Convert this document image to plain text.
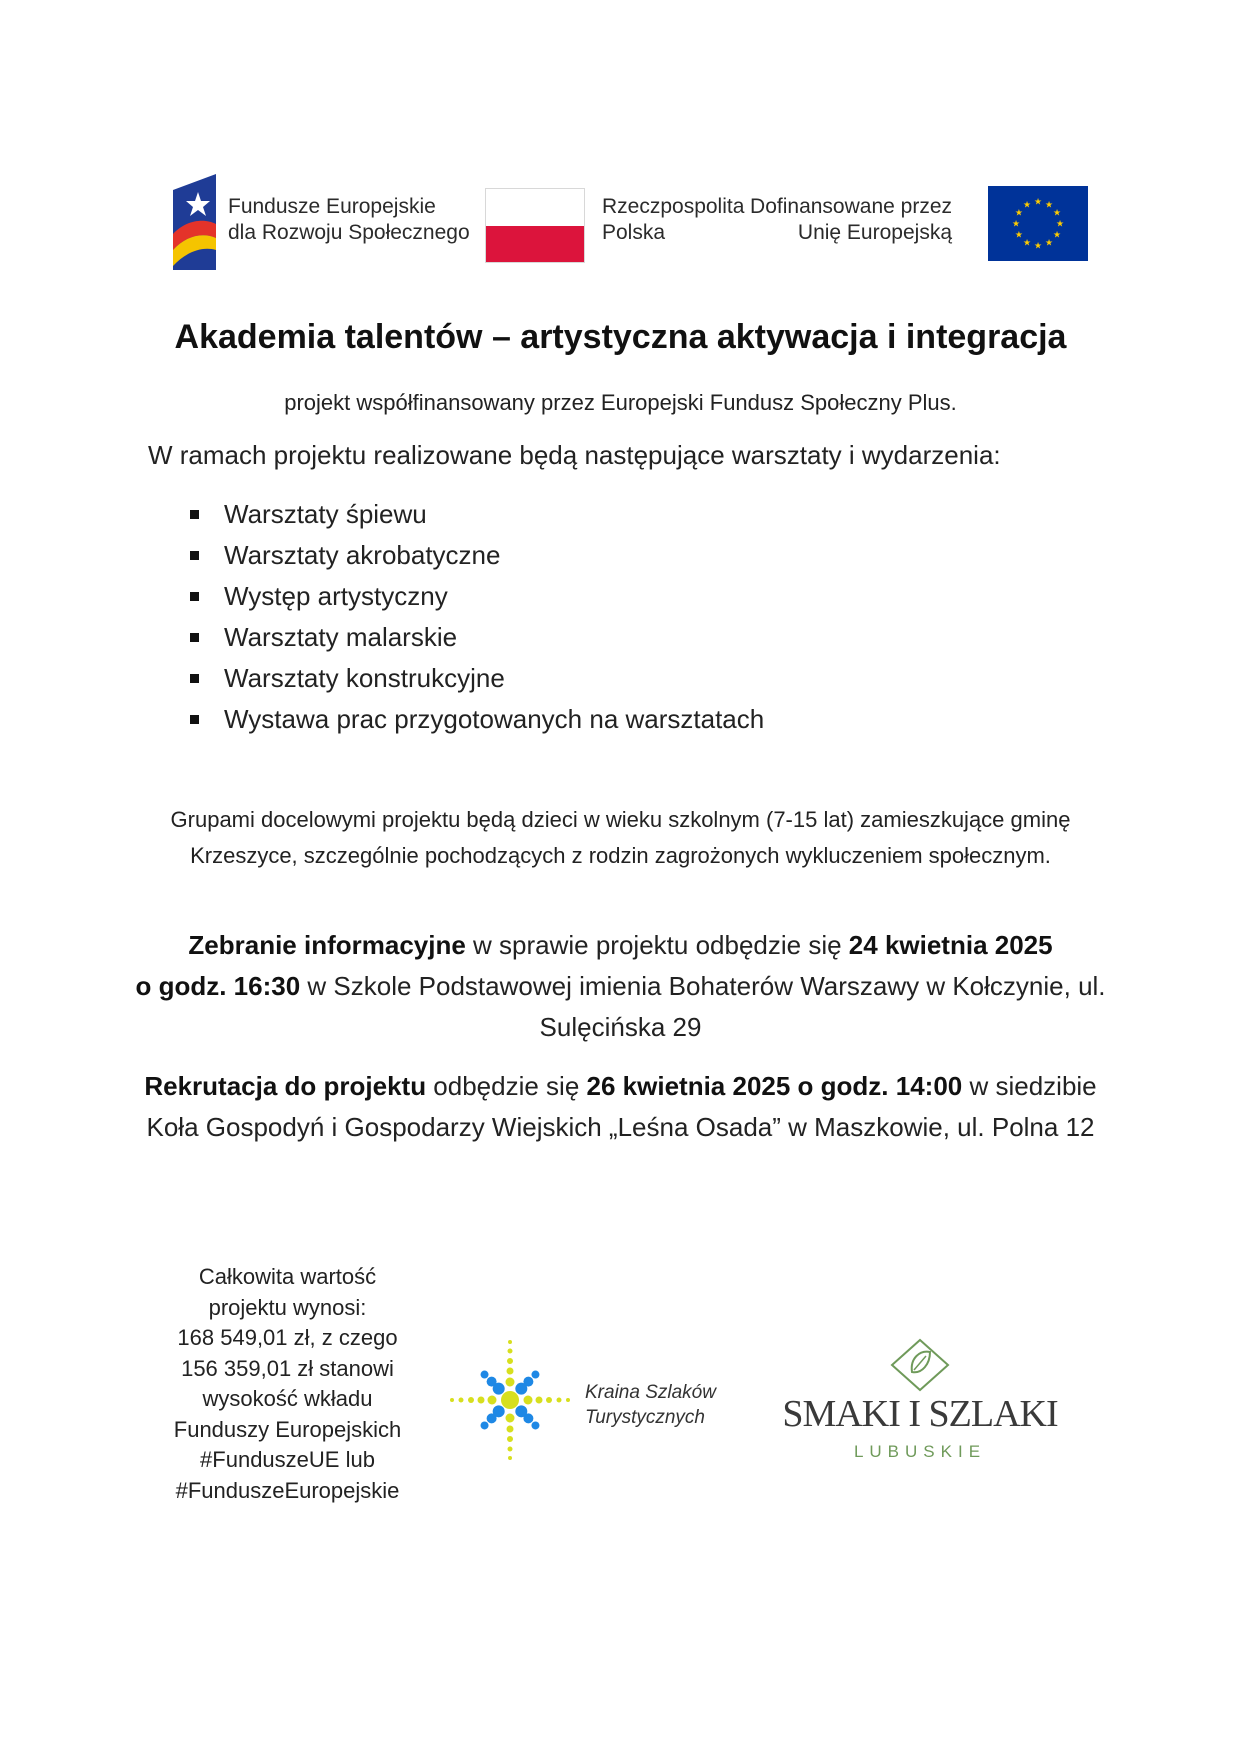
Fundusze Europejskie
dla Rozwoju Społecznego
Rzeczpospolita
Polska
Dofinansowane przez
Unię Europejską
★ ★
★
★
★
★
★
★
★
★
★
★
Akademia talentów – artystyczna aktywacja i integracja
projekt współfinansowany przez Europejski Fundusz Społeczny Plus.
W ramach projektu realizowane będą następujące warsztaty i wydarzenia:
Warsztaty śpiewu
Warsztaty akrobatyczne
Występ artystyczny
Warsztaty malarskie
Warsztaty konstrukcyjne
Wystawa prac przygotowanych na warsztatach
Grupami docelowymi projektu będą dzieci w wieku szkolnym (7-15 lat) zamieszkujące gminę Krzeszyce, szczególnie pochodzących z rodzin zagrożonych wykluczeniem społecznym.
Zebranie informacyjne w sprawie projektu odbędzie się 24 kwietnia 2025
o godz. 16:30 w Szkole Podstawowej imienia Bohaterów Warszawy w Kołczynie, ul. Sulęcińska 29
Rekrutacja do projektu odbędzie się 26 kwietnia 2025 o godz. 14:00 w siedzibie Koła Gospodyń i Gospodarzy Wiejskich „Leśna Osada” w Maszkowie, ul. Polna 12
Całkowita wartość
projektu wynosi:
168 549,01 zł, z czego
156 359,01 zł stanowi
wysokość wkładu
Funduszy Europejskich
#FunduszeUE lub
#FunduszeEuropejskie
Kraina Szlaków
Turystycznych	SMAKI I SZLAKI
LUBUSKIE
